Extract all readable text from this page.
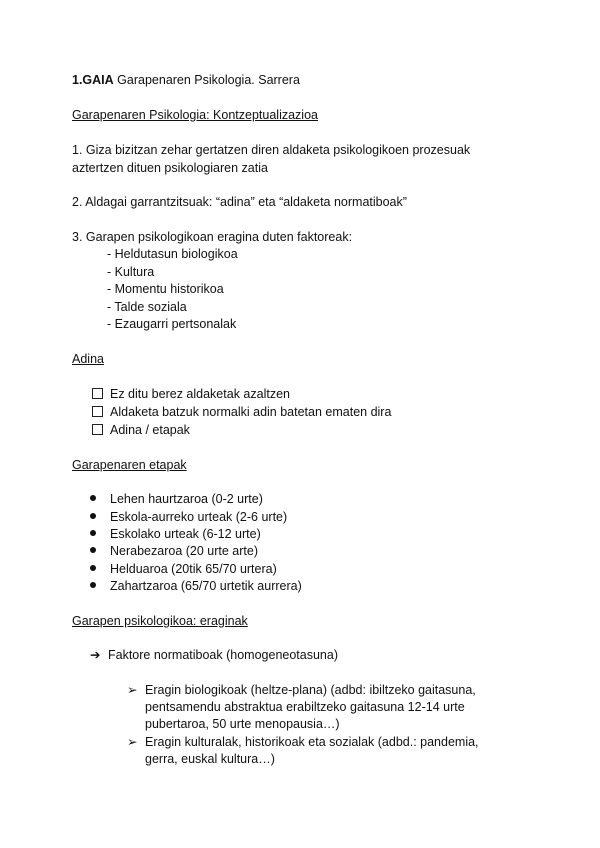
1.GAIA Garapenaren Psikologia. Sarrera
Garapenaren Psikologia: Kontzeptualizazioa
1. Giza bizitzan zehar gertatzen diren aldaketa psikologikoen prozesuak
aztertzen dituen psikologiaren zatia
2. Aldagai garrantzitsuak: “adina” eta “aldaketa normatiboak”
3. Garapen psikologikoan eragina duten faktoreak:
- Heldutasun biologikoa
- Kultura
- Momentu historikoa
- Talde soziala
- Ezaugarri pertsonalak
Adina
Ez ditu berez aldaketak azaltzen
Aldaketa batzuk normalki adin batetan ematen dira
Adina / etapak
Garapenaren etapak
Lehen haurtzaroa (0-2 urte)
Eskola-aurreko urteak (2-6 urte)
Eskolako urteak (6-12 urte)
Nerabezaroa (20 urte arte)
Helduaroa (20tik 65/70 urtera)
Zahartzaroa (65/70 urtetik aurrera)
Garapen psikologikoa: eraginak
➔ Faktore normatiboak (homogeneotasuna)
➢ Eragin biologikoak (heltze-plana) (adbd: ibiltzeko gaitasuna,
pentsamendu abstraktua erabiltzeko gaitasuna 12-14 urte
pubertaroa, 50 urte menopausia…)
➢ Eragin kulturalak, historikoak eta sozialak (adbd.: pandemia,
gerra, euskal kultura…)
